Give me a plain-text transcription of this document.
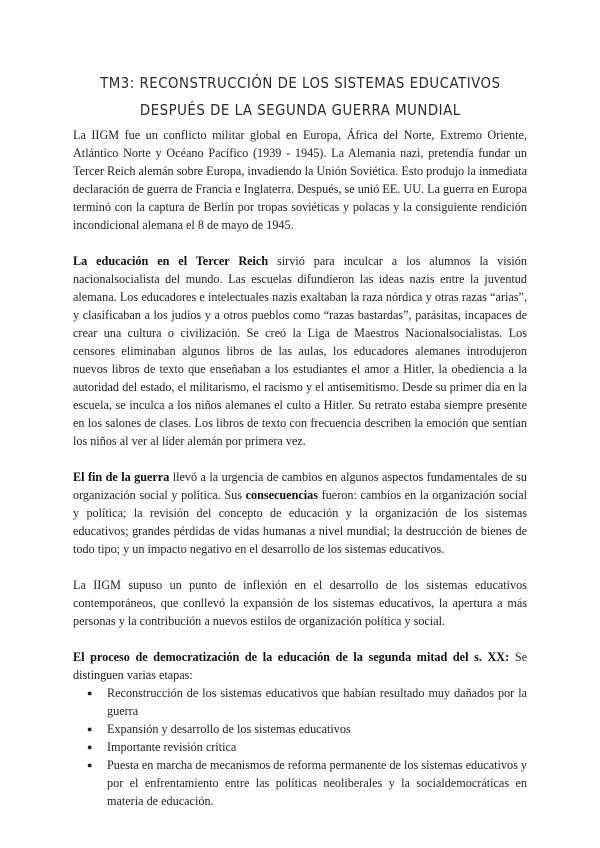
TM3: RECONSTRUCCIÓN DE LOS SISTEMAS EDUCATIVOS DESPUÉS DE LA SEGUNDA GUERRA MUNDIAL

La IIGM fue un conflicto militar global en Europa, África del Norte, Extremo Oriente, Atlántico Norte y Océano Pacífico (1939 - 1945). La Alemania nazi, pretendía fundar un Tercer Reich alemán sobre Europa, invadiendo la Unión Soviética. Esto produjo la inmediata declaración de guerra de Francia e Inglaterra. Después, se unió EE. UU. La guerra en Europa terminó con la captura de Berlín por tropas soviéticas y polacas y la consiguiente rendición incondicional alemana el 8 de mayo de 1945.

La educación en el Tercer Reich sirvió para inculcar a los alumnos la visión nacionalsocialista del mundo. Las escuelas difundieron las ideas nazis entre la juventud alemana. Los educadores e intelectuales nazis exaltaban la raza nórdica y otras razas “arias”, y clasificaban a los judíos y a otros pueblos como “razas bastardas”, parásitas, incapaces de crear una cultura o civilización. Se creó la Liga de Maestros Nacionalsocialistas. Los censores eliminaban algunos libros de las aulas, los educadores alemanes introdujeron nuevos libros de texto que enseñaban a los estudiantes el amor a Hitler, la obediencia a la autoridad del estado, el militarismo, el racismo y el antisemitismo. Desde su primer día en la escuela, se inculca a los niños alemanes el culto a Hitler. Su retrato estaba siempre presente en los salones de clases. Los libros de texto con frecuencia describen la emoción que sentían los niños al ver al líder alemán por primera vez.

El fin de la guerra llevó a la urgencia de cambios en algunos aspectos fundamentales de su organización social y política. Sus consecuencias fueron: cambios en la organización social y política; la revisión del concepto de educación y la organización de los sistemas educativos; grandes pérdidas de vidas humanas a nivel mundial; la destrucción de bienes de todo tipo; y un impacto negativo en el desarrollo de los sistemas educativos.

La IIGM supuso un punto de inflexión en el desarrollo de los sistemas educativos contemporáneos, que conllevó la expansión de los sistemas educativos, la apertura a más personas y la contribución a nuevos estilos de organización política y social.

El proceso de democratización de la educación de la segunda mitad del s. XX: Se distinguen varias etapas:

● Reconstrucción de los sistemas educativos que habían resultado muy dañados por la guerra
● Expansión y desarrollo de los sistemas educativos
● Importante revisión crítica
● Puesta en marcha de mecanismos de reforma permanente de los sistemas educativos y por el enfrentamiento entre las políticas neoliberales y la socialdemocráticas en materia de educación.
